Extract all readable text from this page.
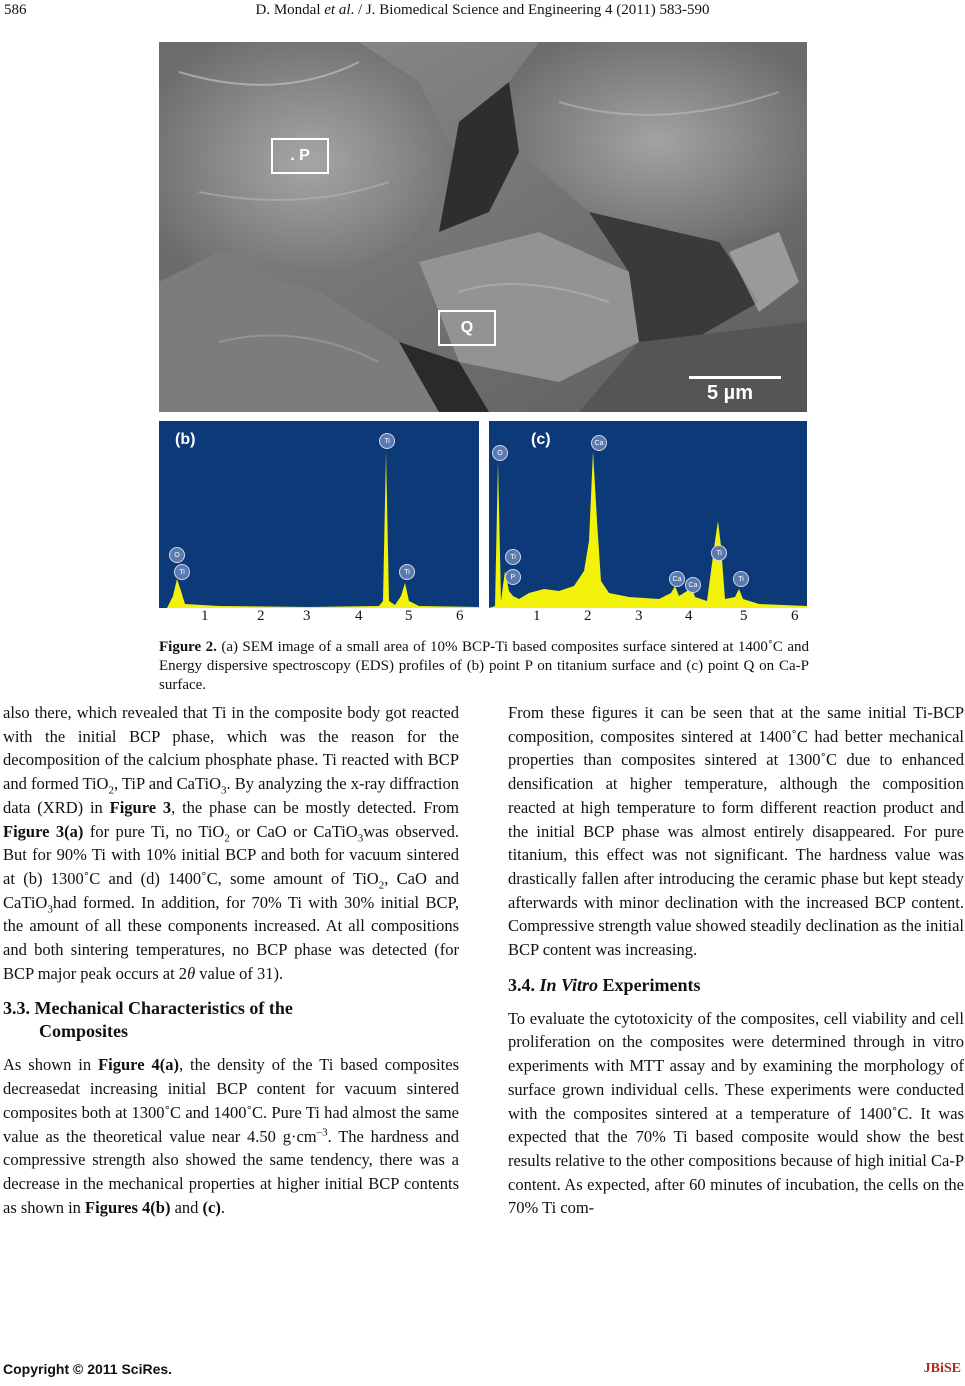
586	D. Mondal et al. / J. Biomedical Science and Engineering 4 (2011) 583-590
. P
Q
5 µm
(b)	(c)
Ti
O
Ti	Ti
Ca
O
Ti
P	Ca
Ca
Ti
Ti
1	2	3	4	5	6	1	2	3	4	5	6
Figure 2. (a) SEM image of a small area of 10% BCP-Ti based composites surface sintered at 1400˚C and Energy dispersive spectroscopy (EDS) profiles of (b) point P on titanium surface and (c) point Q on Ca-P surface.

also there, which revealed that Ti in the composite body got reacted with the initial BCP phase, which was the reason for the decomposition of the calcium phosphate phase. Ti reacted with BCP and formed TiO$_2$, TiP and CaTiO$_3$. By analyzing the x-ray diffraction data (XRD) in Figure 3, the phase can be mostly detected. From Figure 3(a) for pure Ti, no TiO$_2$ or CaO or CaTiO$_3$was observed. But for 90% Ti with 10% initial BCP and both for vacuum sintered at (b) 1300˚C and (d) 1400˚C, some amount of TiO$_2$, CaO and CaTiO$_3$had formed. In addition, for 70% Ti with 30% initial BCP, the amount of all these components increased. At all compositions and both sintering temperatures, no BCP phase was detected (for BCP major peak occurs at 2θ value of 31).

3.3. Mechanical Characteristics of the
Composites

As shown in Figure 4(a), the density of the Ti based composites decreasedat increasing initial BCP content for vacuum sintered composites both at 1300˚C and 1400˚C. Pure Ti had almost the same value as the theoretical value near 4.50 $g\cdot cm^{-3}$. The hardness and compressive strength also showed the same tendency, there was a decrease in the mechanical properties at higher initial BCP contents as shown in Figures 4(b) and (c).

From these figures it can be seen that at the same initial Ti-BCP composition, composites sintered at 1400˚C had better mechanical properties than composites sintered at 1300˚C due to enhanced densification at higher temperature, although the composition reacted at high temperature to form different reaction product and the initial BCP phase was almost entirely disappeared. For pure titanium, this effect was not significant. The hardness value was drastically fallen after introducing the ceramic phase but kept steady afterwards with minor declination with the increased BCP content. Compressive strength value showed steadily declination as the initial BCP content was increasing.

3.4. In Vitro Experiments

To evaluate the cytotoxicity of the composites, cell viability and cell proliferation on the composites were determined through in vitro experiments with MTT assay and by examining the morphology of surface grown individual cells. These experiments were conducted with the composites sintered at a temperature of 1400˚C. It was expected that the 70% Ti based composite would show the best results relative to the other compositions because of high initial Ca-P content. As expected, after 60 minutes of incubation, the cells on the 70% Ti com-

Copyright © 2011 SciRes.	JBiSE
